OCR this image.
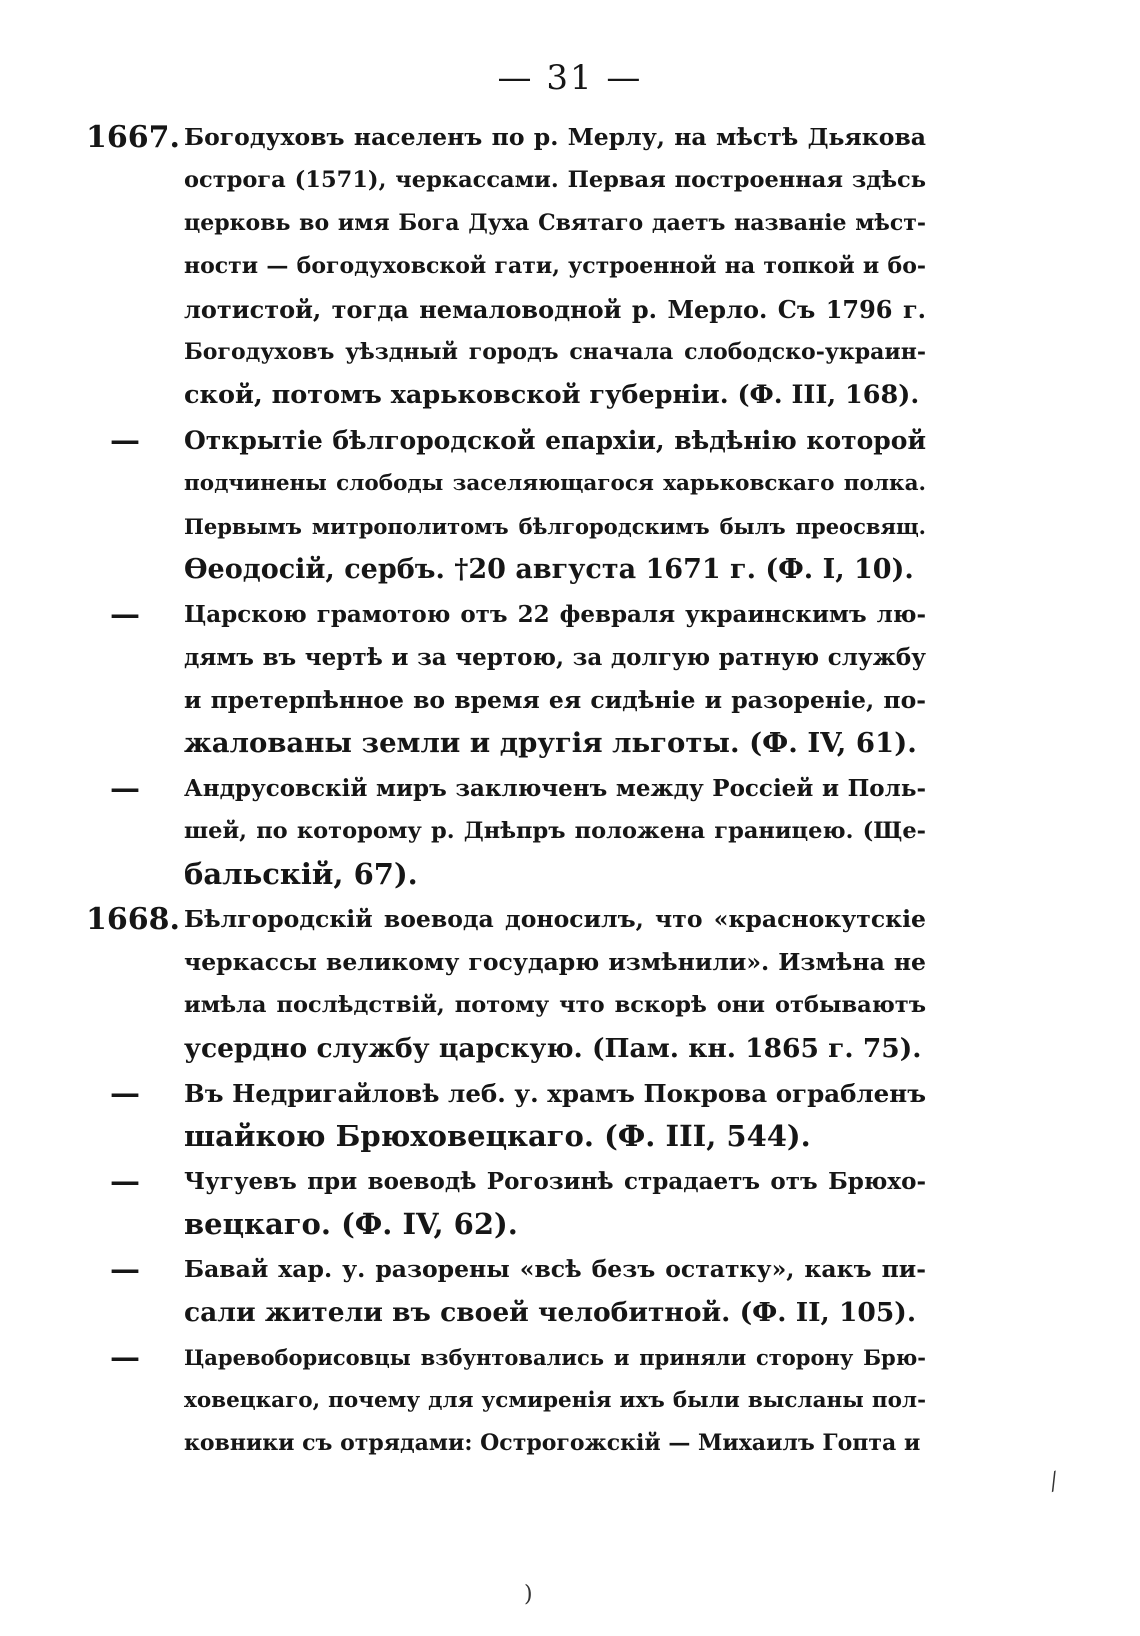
— 31 —
1667. Богодуховъ населенъ по р. Мерлу, на мѣстѣ Дьякова
острога (1571), черкассами. Первая построенная здѣсь
церковь во имя Бога Духа Святаго даетъ названіе мѣст-
ности — богодуховской гати, устроенной на топкой и бо-
лотистой, тогда немаловодной р. Мерло. Съ 1796 г.
Богодуховъ уѣздный городъ сначала слободско-украин-
ской, потомъ харьковской губерніи. (Ф. III, 168).
—	Открытіе бѣлгородской епархіи, вѣдѣнію которой
подчинены слободы заселяющагося харьковскаго полка.
Первымъ митрополитомъ бѣлгородскимъ былъ преосвящ.
Өеодосій, сербъ. †20 августа 1671 г. (Ф. I, 10).
—	Царскою грамотою отъ 22 февраля украинскимъ лю-
дямъ въ чертѣ и за чертою, за долгую ратную службу
и претерпѣнное во время ея сидѣніе и разореніе, по-
жалованы земли и другія льготы. (Ф. IV, 61).
—	Андрусовскій миръ заключенъ между Россіей и Поль-
шей, по которому р. Днѣпръ положена границею. (Ще-
бальскій, 67).
1668. Бѣлгородскій воевода доносилъ, что «краснокутскіе
черкассы великому государю измѣнили». Измѣна не
имѣла послѣдствій, потому что вскорѣ они отбываютъ
усердно службу царскую. (Пам. кн. 1865 г. 75).
—	Въ Недригайловѣ леб. у. храмъ Покрова ограбленъ
шайкою Брюховецкаго. (Ф. III, 544).
—	Чугуевъ при воеводѣ Рогозинѣ страдаетъ отъ Брюхо-
вецкаго. (Ф. IV, 62).
—	Бавай хар. у. разорены «всѣ безъ остатку», какъ пи-
сали жители въ своей челобитной. (Ф. II, 105).
—	Царевоборисовцы взбунтовались и приняли сторону Брю-
ховецкаго, почему для усмиренія ихъ были высланы пол-
ковники съ отрядами: Острогожскій — Михаилъ Гопта и
)
⁄
